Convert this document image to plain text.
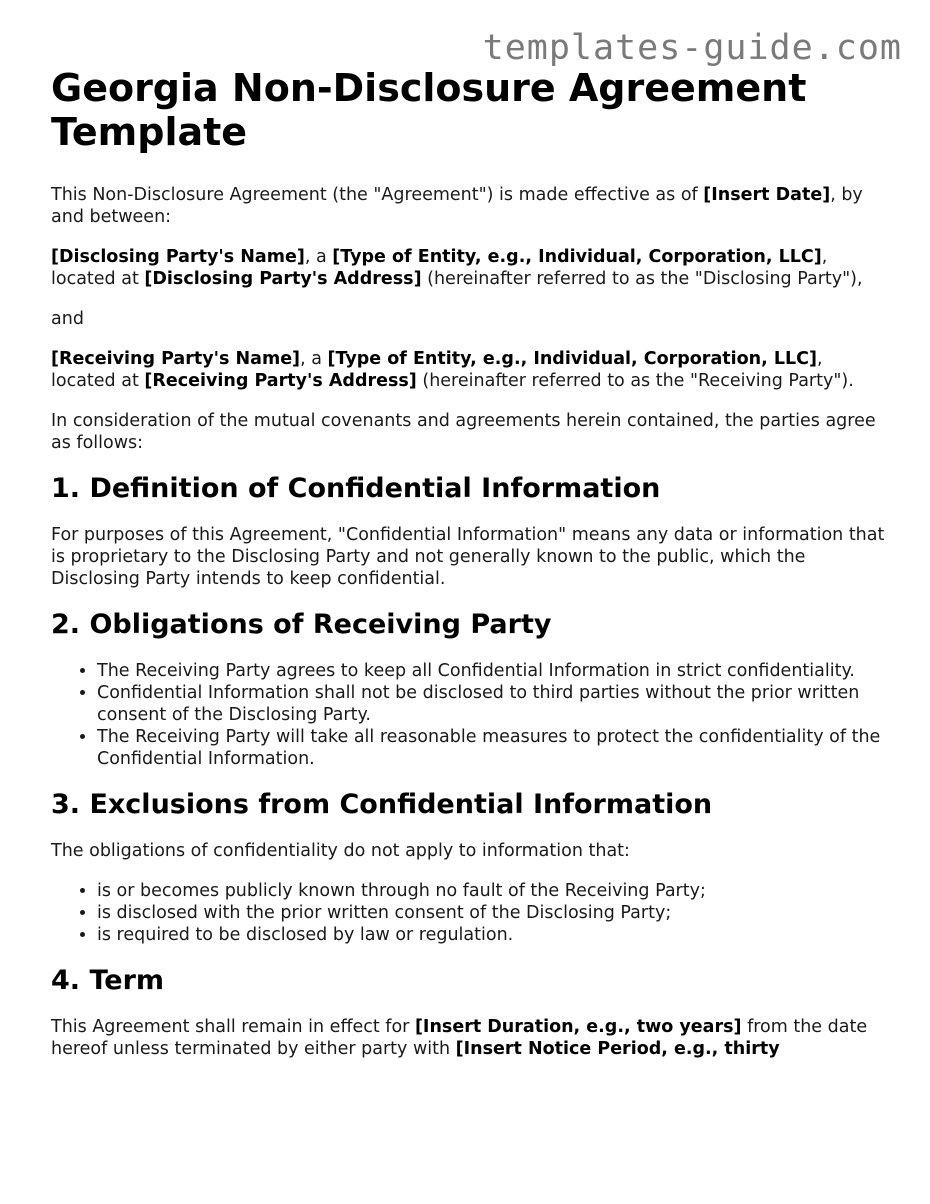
templates-guide.com
Georgia Non-Disclosure Agreement Template

This Non-Disclosure Agreement (the "Agreement") is made effective as of [Insert Date], by and between:

[Disclosing Party's Name], a [Type of Entity, e.g., Individual, Corporation, LLC], located at [Disclosing Party's Address] (hereinafter referred to as the "Disclosing Party"),

and

[Receiving Party's Name], a [Type of Entity, e.g., Individual, Corporation, LLC], located at [Receiving Party's Address] (hereinafter referred to as the "Receiving Party").

In consideration of the mutual covenants and agreements herein contained, the parties agree as follows:

1. Definition of Confidential Information

For purposes of this Agreement, "Confidential Information" means any data or information that is proprietary to the Disclosing Party and not generally known to the public, which the Disclosing Party intends to keep confidential.

2. Obligations of Receiving Party
• The Receiving Party agrees to keep all Confidential Information in strict confidentiality.
• Confidential Information shall not be disclosed to third parties without the prior written consent of the Disclosing Party.
• The Receiving Party will take all reasonable measures to protect the confidentiality of the Confidential Information.
3. Exclusions from Confidential Information

The obligations of confidentiality do not apply to information that:

• is or becomes publicly known through no fault of the Receiving Party;
• is disclosed with the prior written consent of the Disclosing Party;
• is required to be disclosed by law or regulation.
4. Term

This Agreement shall remain in effect for [Insert Duration, e.g., two years] from the date hereof unless terminated by either party with [Insert Notice Period, e.g., thirty
